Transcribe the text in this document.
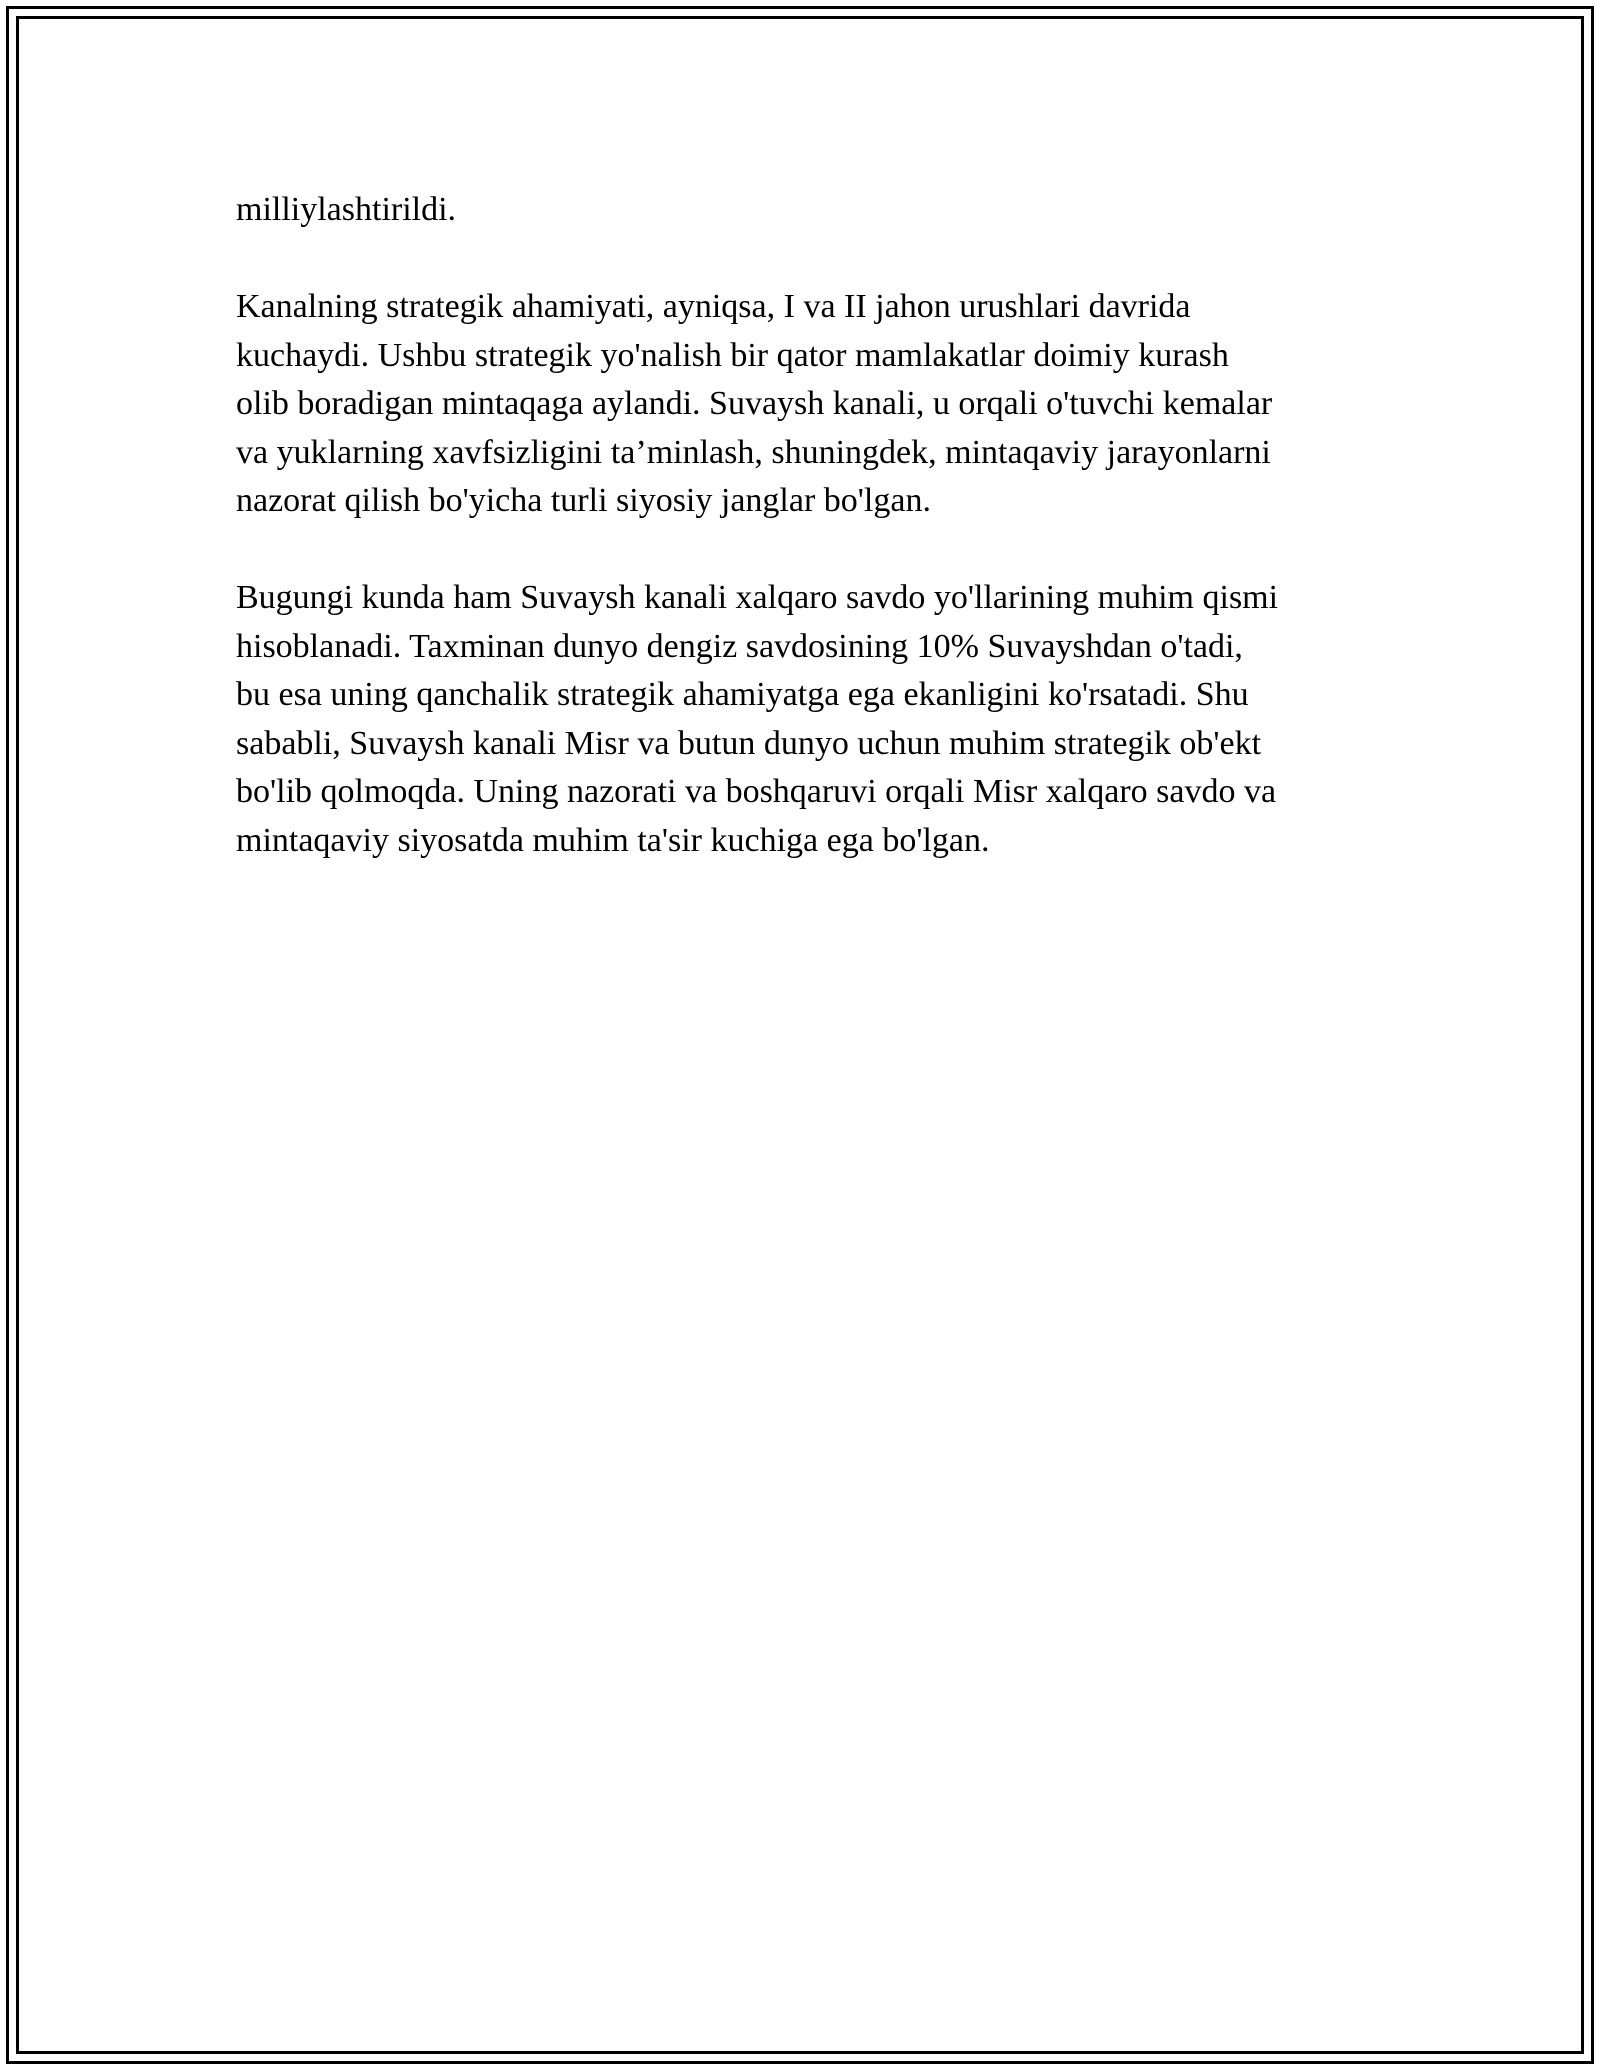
milliylashtirildi.

Kanalning strategik ahamiyati, ayniqsa, I va II jahon urushlari davrida
kuchaydi. Ushbu strategik yo'nalish bir qator mamlakatlar doimiy kurash
olib boradigan mintaqaga aylandi. Suvaysh kanali, u orqali o'tuvchi kemalar
va yuklarning xavfsizligini ta’minlash, shuningdek, mintaqaviy jarayonlarni
nazorat qilish bo'yicha turli siyosiy janglar bo'lgan.

Bugungi kunda ham Suvaysh kanali xalqaro savdo yo'llarining muhim qismi
hisoblanadi. Taxminan dunyo dengiz savdosining 10% Suvayshdan o'tadi,
bu esa uning qanchalik strategik ahamiyatga ega ekanligini ko'rsatadi. Shu
sababli, Suvaysh kanali Misr va butun dunyo uchun muhim strategik ob'ekt
bo'lib qolmoqda. Uning nazorati va boshqaruvi orqali Misr xalqaro savdo va
mintaqaviy siyosatda muhim ta'sir kuchiga ega bo'lgan.
